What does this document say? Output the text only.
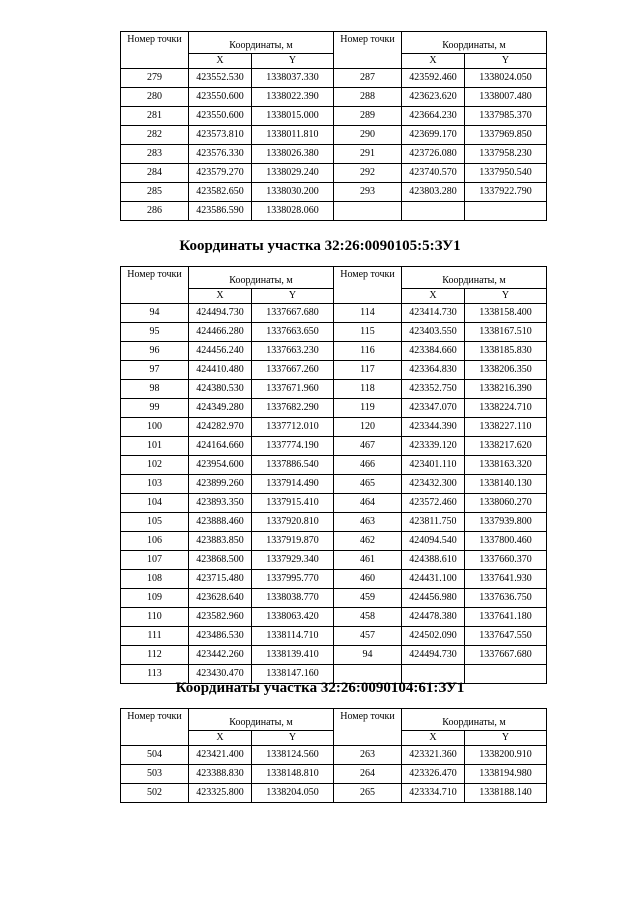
Номер точки	Координаты, м	
	X	Y
279	423552.530	1338037.330
280	423550.600	1338022.390
281	423550.600	1338015.000
282	423573.810	1338011.810
283	423576.330	1338026.380
284	423579.270	1338029.240
285	423582.650	1338030.200
286	423586.590	1338028.060
Номер точки	Координаты, м	
	X	Y
287	423592.460	1338024.050
288	423623.620	1338007.480
289	423664.230	1337985.370
290	423699.170	1337969.850
291	423726.080	1337958.230
292	423740.570	1337950.540
293	423803.280	1337922.790

Координаты участка 32:26:0090105:5:ЗУ1
Номер точки	Координаты, м	
	X	Y
94	424494.730	1337667.680
95	424466.280	1337663.650
96	424456.240	1337663.230
97	424410.480	1337667.260
98	424380.530	1337671.960
99	424349.280	1337682.290
100	424282.970	1337712.010
101	424164.660	1337774.190
102	423954.600	1337886.540
103	423899.260	1337914.490
104	423893.350	1337915.410
105	423888.460	1337920.810
106	423883.850	1337919.870
107	423868.500	1337929.340
108	423715.480	1337995.770
109	423628.640	1338038.770
110	423582.960	1338063.420
111	423486.530	1338114.710
112	423442.260	1338139.410
113	423430.470	1338147.160
Номер точки	Координаты, м	
	X	Y
114	423414.730	1338158.400
115	423403.550	1338167.510
116	423384.660	1338185.830
117	423364.830	1338206.350
118	423352.750	1338216.390
119	423347.070	1338224.710
120	423344.390	1338227.110
467	423339.120	1338217.620
466	423401.110	1338163.320
465	423432.300	1338140.130
464	423572.460	1338060.270
463	423811.750	1337939.800
462	424094.540	1337800.460
461	424388.610	1337660.370
460	424431.100	1337641.930
459	424456.980	1337636.750
458	424478.380	1337641.180
457	424502.090	1337647.550
94	424494.730	1337667.680

Координаты участка 32:26:0090104:61:ЗУ1
Номер точки	Координаты, м	
	X	Y
504	423421.400	1338124.560
503	423388.830	1338148.810
502	423325.800	1338204.050
Номер точки	Координаты, м	
	X	Y
263	423321.360	1338200.910
264	423326.470	1338194.980
265	423334.710	1338188.140
